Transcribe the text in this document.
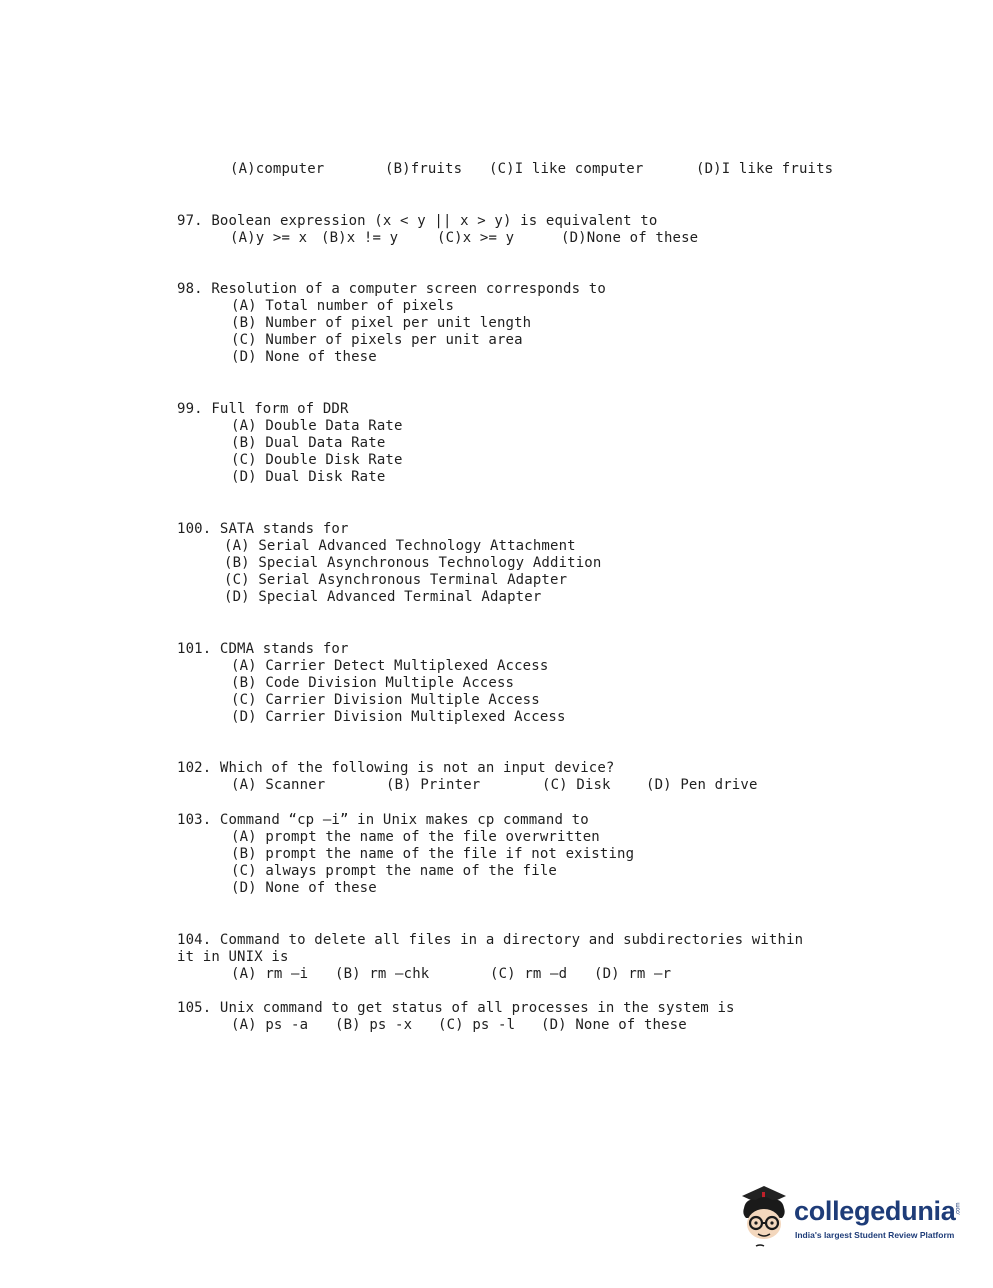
(A)computer	(B)fruits (C)I like computer	(D)I like fruits
97. Boolean expression (x < y || x > y) is equivalent to
(A)y >= x (B)x != y	(C)x >= y	(D)None of these
98. Resolution of a computer screen corresponds to
(A) Total number of pixels
(B) Number of pixel per unit length
(C) Number of pixels per unit area
(D) None of these
99. Full form of DDR
(A) Double Data Rate
(B) Dual Data Rate
(C) Double Disk Rate
(D) Dual Disk Rate
100. SATA stands for
(A) Serial Advanced Technology Attachment
(B) Special Asynchronous Technology Addition
(C) Serial Asynchronous Terminal Adapter
(D) Special Advanced Terminal Adapter
101. CDMA stands for
(A) Carrier Detect Multiplexed Access
(B) Code Division Multiple Access
(C) Carrier Division Multiple Access
(D) Carrier Division Multiplexed Access
102. Which of the following is not an input device?
(A) Scanner	(B) Printer	(C) Disk	(D) Pen drive
103. Command “cp –i” in Unix makes cp command to
(A) prompt the name of the file overwritten
(B) prompt the name of the file if not existing
(C) always prompt the name of the file
(D) None of these
104. Command to delete all files in a directory and subdirectories within
it in UNIX is
(A) rm –i (B) rm –chk	(C) rm –d (D) rm –r
105. Unix command to get status of all processes in the system is
(A) ps -a (B) ps -x (C) ps -l (D) None of these
collegedunia .com
India's largest Student Review Platform
